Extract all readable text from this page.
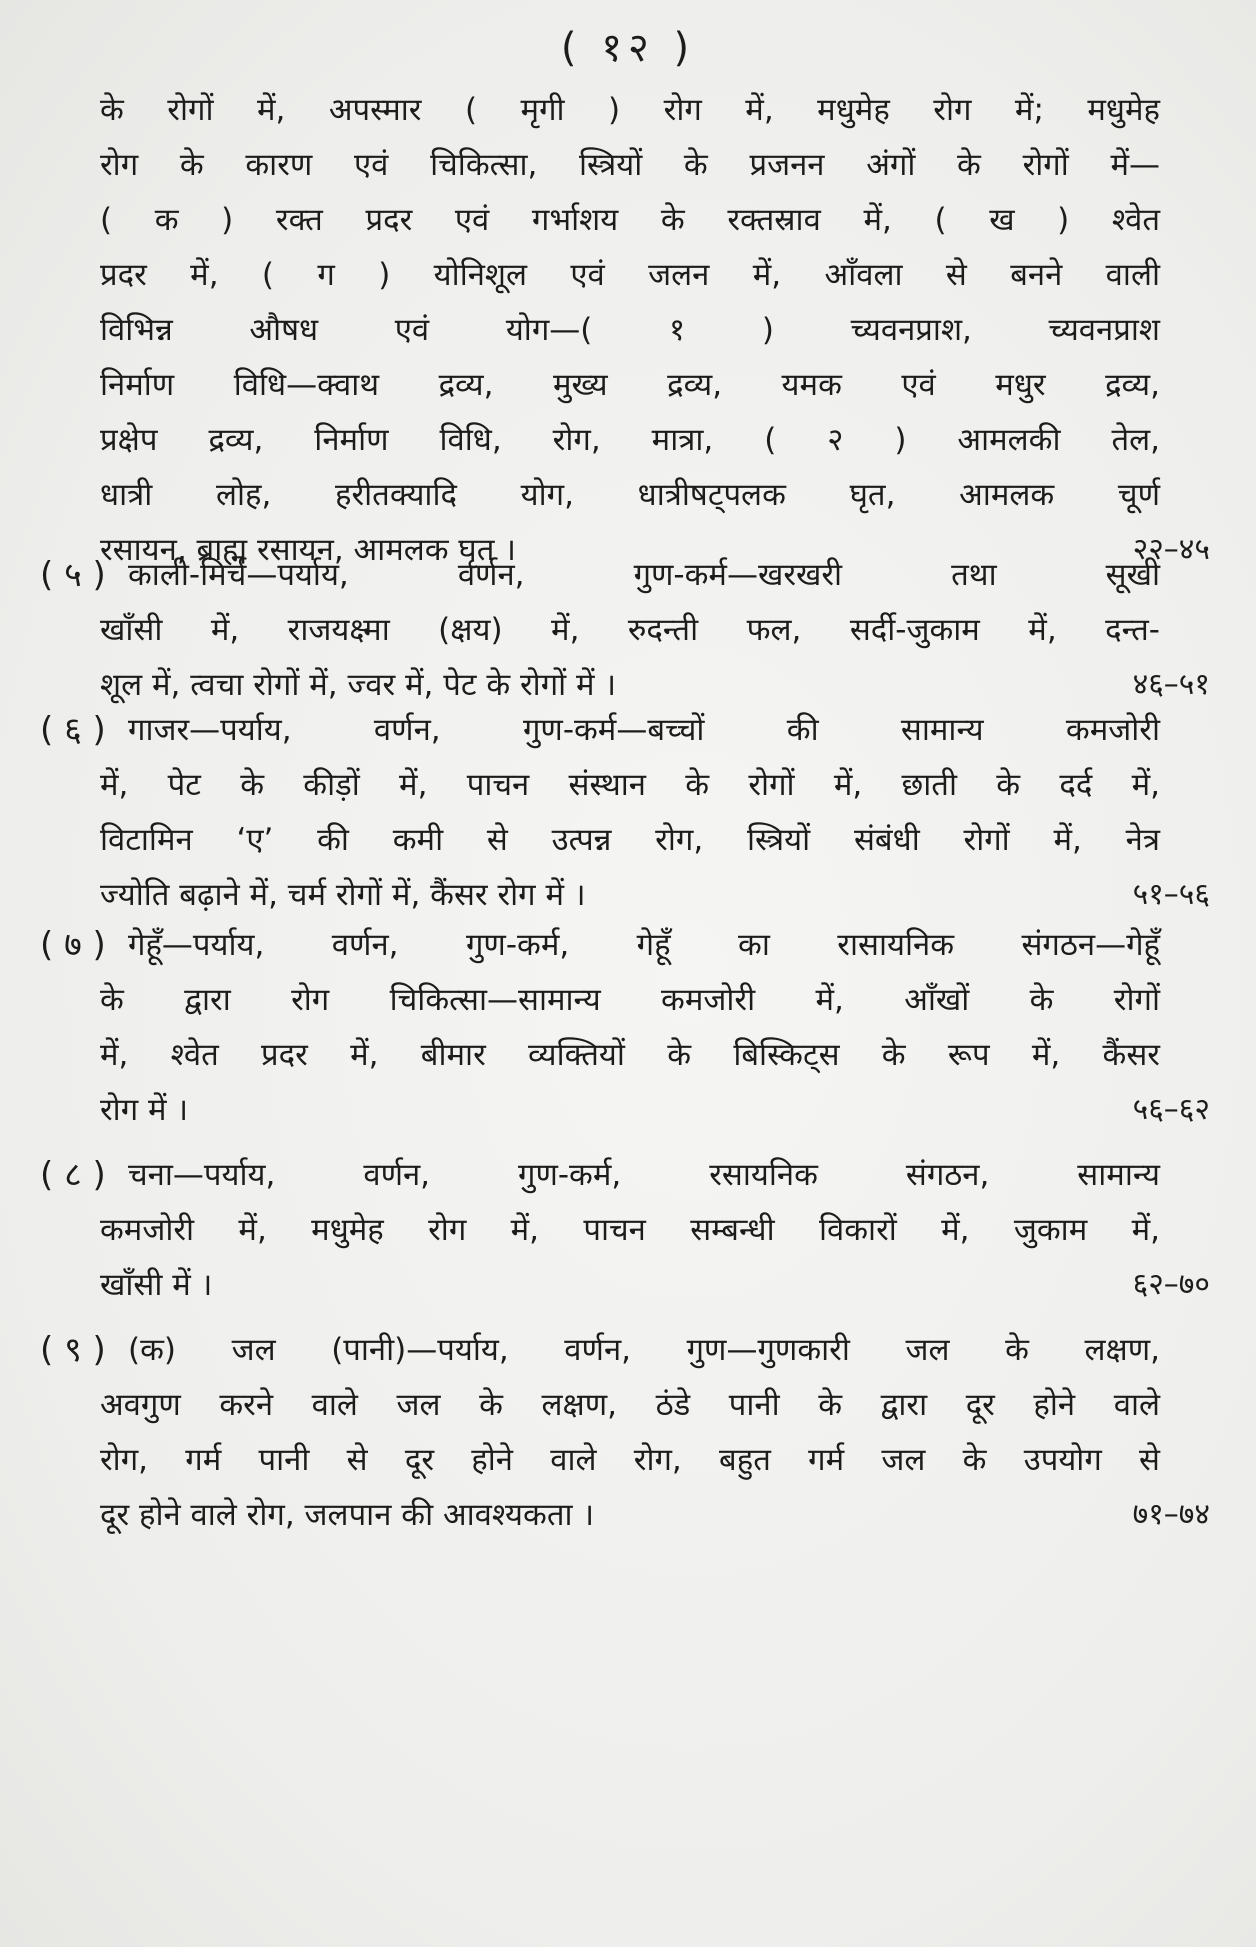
( १२ )
के रोगों में, अपस्मार ( मृगी ) रोग में, मधुमेह रोग में; मधुमेह
रोग के कारण एवं चिकित्सा, स्त्रियों के प्रजनन अंगों के रोगों में—
( क ) रक्त प्रदर एवं गर्भाशय के रक्तस्राव में, ( ख ) श्वेत
प्रदर में, ( ग ) योनिशूल एवं जलन में, आँवला से बनने वाली
विभिन्न औषध एवं योग—( १ ) च्यवनप्राश, च्यवनप्राश
निर्माण विधि—क्वाथ द्रव्य, मुख्य द्रव्य, यमक एवं मधुर द्रव्य,
प्रक्षेप द्रव्य, निर्माण विधि, रोग, मात्रा, ( २ ) आमलकी तेल,
धात्री लोह, हरीतक्यादि योग, धात्रीषट्पलक घृत, आमलक चूर्ण
रसायन, ब्राह्म रसायन, आमलक घृत ।	२२–४५
( ५ ) काली-मिर्च—पर्याय, वर्णन, गुण-कर्म—खरखरी तथा सूखी
खाँसी में, राजयक्ष्मा (क्षय) में, रुदन्ती फल, सर्दी-जुकाम में, दन्त-
शूल में, त्वचा रोगों में, ज्वर में, पेट के रोगों में ।	४६–५१
( ६ ) गाजर—पर्याय, वर्णन, गुण-कर्म—बच्चों की सामान्य कमजोरी
में, पेट के कीड़ों में, पाचन संस्थान के रोगों में, छाती के दर्द में,
विटामिन ‘ए’ की कमी से उत्पन्न रोग, स्त्रियों संबंधी रोगों में, नेत्र
ज्योति बढ़ाने में, चर्म रोगों में, कैंसर रोग में ।	५१–५६
( ७ ) गेहूँ—पर्याय, वर्णन, गुण-कर्म, गेहूँ का रासायनिक संगठन—गेहूँ
के द्वारा रोग चिकित्सा—सामान्य कमजोरी में, आँखों के रोगों
में, श्वेत प्रदर में, बीमार व्यक्तियों के बिस्किट्स के रूप में, कैंसर
रोग में ।	५६–६२
( ८ ) चना—पर्याय, वर्णन, गुण-कर्म, रसायनिक संगठन, सामान्य
कमजोरी में, मधुमेह रोग में, पाचन सम्बन्धी विकारों में, जुकाम में,
खाँसी में ।	६२–७०
( ९ ) (क) जल (पानी)—पर्याय, वर्णन, गुण—गुणकारी जल के लक्षण,
अवगुण करने वाले जल के लक्षण, ठंडे पानी के द्वारा दूर होने वाले
रोग, गर्म पानी से दूर होने वाले रोग, बहुत गर्म जल के उपयोग से
दूर होने वाले रोग, जलपान की आवश्यकता ।	७१–७४
